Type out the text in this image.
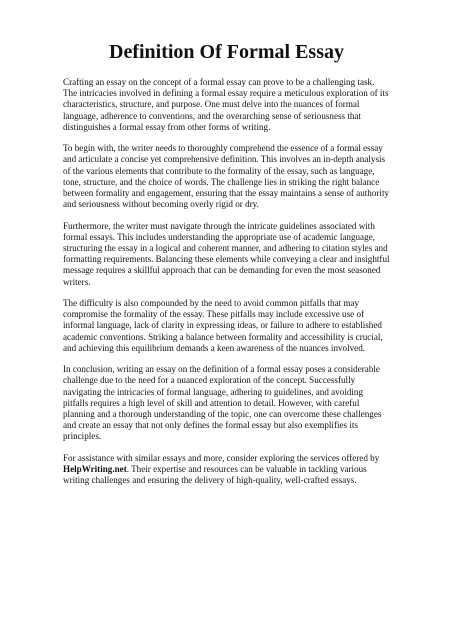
Definition Of Formal Essay

Crafting an essay on the concept of a formal essay can prove to be a challenging task. The intricacies involved in defining a formal essay require a meticulous exploration of its characteristics, structure, and purpose. One must delve into the nuances of formal language, adherence to conventions, and the overarching sense of seriousness that distinguishes a formal essay from other forms of writing.

To begin with, the writer needs to thoroughly comprehend the essence of a formal essay and articulate a concise yet comprehensive definition. This involves an in-depth analysis of the various elements that contribute to the formality of the essay, such as language, tone, structure, and the choice of words. The challenge lies in striking the right balance between formality and engagement, ensuring that the essay maintains a sense of authority and seriousness without becoming overly rigid or dry.

Furthermore, the writer must navigate through the intricate guidelines associated with formal essays. This includes understanding the appropriate use of academic language, structuring the essay in a logical and coherent manner, and adhering to citation styles and formatting requirements. Balancing these elements while conveying a clear and insightful message requires a skillful approach that can be demanding for even the most seasoned writers.

The difficulty is also compounded by the need to avoid common pitfalls that may compromise the formality of the essay. These pitfalls may include excessive use of informal language, lack of clarity in expressing ideas, or failure to adhere to established academic conventions. Striking a balance between formality and accessibility is crucial, and achieving this equilibrium demands a keen awareness of the nuances involved.

In conclusion, writing an essay on the definition of a formal essay poses a considerable challenge due to the need for a nuanced exploration of the concept. Successfully navigating the intricacies of formal language, adhering to guidelines, and avoiding pitfalls requires a high level of skill and attention to detail. However, with careful planning and a thorough understanding of the topic, one can overcome these challenges and create an essay that not only defines the formal essay but also exemplifies its principles.

For assistance with similar essays and more, consider exploring the services offered by
HelpWriting.net. Their expertise and resources can be valuable in tackling various writing challenges and ensuring the delivery of high-quality, well-crafted essays.
